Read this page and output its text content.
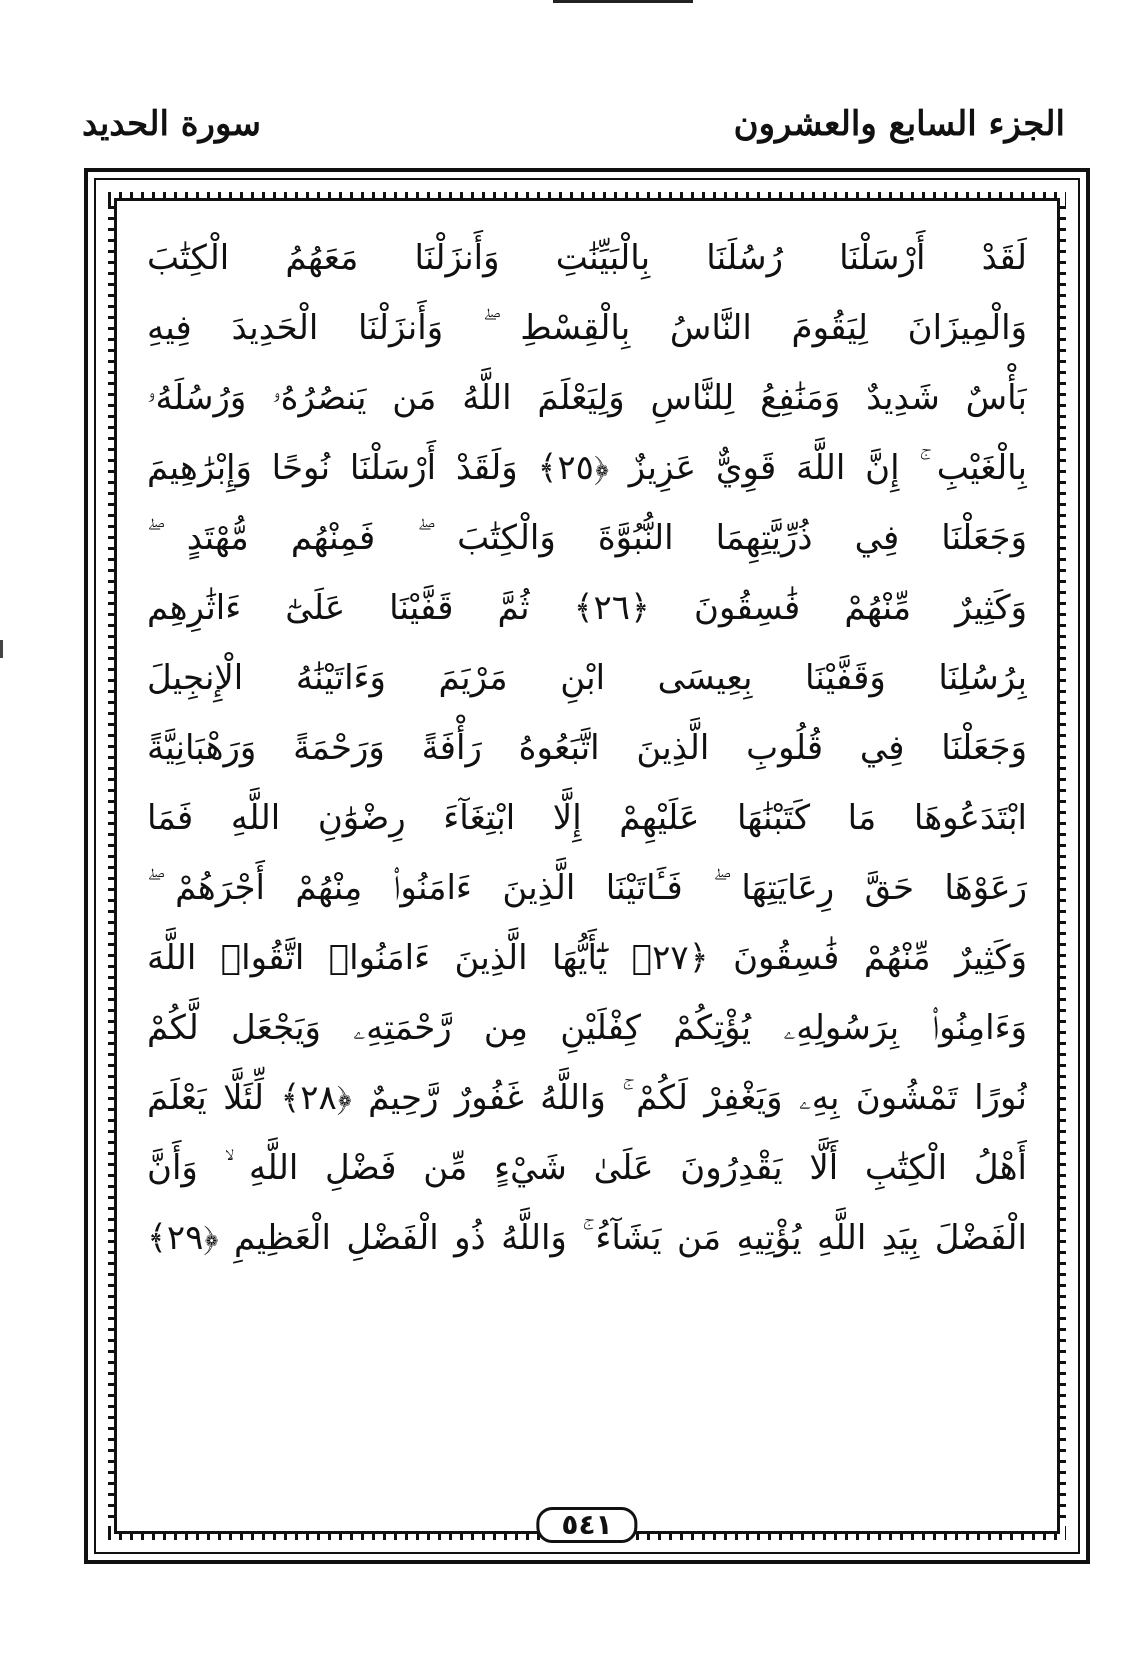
الجزء السابع والعشرون
سورة الحديد
لَقَدْ أَرْسَلْنَا رُسُلَنَا بِالْبَيِّنَٰتِ وَأَنزَلْنَا مَعَهُمُ الْكِتَٰبَ
وَالْمِيزَانَ لِيَقُومَ النَّاسُ بِالْقِسْطِ ۖ وَأَنزَلْنَا الْحَدِيدَ فِيهِ
بَأْسٌ شَدِيدٌ وَمَنَٰفِعُ لِلنَّاسِ وَلِيَعْلَمَ اللَّهُ مَن يَنصُرُهُۥ وَرُسُلَهُۥ
بِالْغَيْبِ ۚ إِنَّ اللَّهَ قَوِيٌّ عَزِيزٌ ﴿٢٥﴾ وَلَقَدْ أَرْسَلْنَا نُوحًا وَإِبْرَٰهِيمَ
وَجَعَلْنَا فِي ذُرِّيَّتِهِمَا النُّبُوَّةَ وَالْكِتَٰبَ ۖ فَمِنْهُم مُّهْتَدٍ ۖ
وَكَثِيرٌ مِّنْهُمْ فَٰسِقُونَ ﴿٢٦﴾ ثُمَّ قَفَّيْنَا عَلَىٰٓ ءَاثَٰرِهِم
بِرُسُلِنَا وَقَفَّيْنَا بِعِيسَى ابْنِ مَرْيَمَ وَءَاتَيْنَٰهُ الْإِنجِيلَ
وَجَعَلْنَا فِي قُلُوبِ الَّذِينَ اتَّبَعُوهُ رَأْفَةً وَرَحْمَةً وَرَهْبَانِيَّةً
ابْتَدَعُوهَا مَا كَتَبْنَٰهَا عَلَيْهِمْ إِلَّا ابْتِغَآءَ رِضْوَٰنِ اللَّهِ فَمَا
رَعَوْهَا حَقَّ رِعَايَتِهَا ۖ فَـَٔاتَيْنَا الَّذِينَ ءَامَنُوا۟ مِنْهُمْ أَجْرَهُمْ ۖ
وَكَثِيرٌ مِّنْهُمْ فَٰسِقُونَ ﴿٢٧﴾ يَٰٓأَيُّهَا الَّذِينَ ءَامَنُوا۟ اتَّقُوا۟ اللَّهَ
وَءَامِنُوا۟ بِرَسُولِهِۦ يُؤْتِكُمْ كِفْلَيْنِ مِن رَّحْمَتِهِۦ وَيَجْعَل لَّكُمْ
نُورًا تَمْشُونَ بِهِۦ وَيَغْفِرْ لَكُمْ ۚ وَاللَّهُ غَفُورٌ رَّحِيمٌ ﴿٢٨﴾ لِّئَلَّا يَعْلَمَ
أَهْلُ الْكِتَٰبِ أَلَّا يَقْدِرُونَ عَلَىٰ شَيْءٍ مِّن فَضْلِ اللَّهِ ۙ وَأَنَّ
الْفَضْلَ بِيَدِ اللَّهِ يُؤْتِيهِ مَن يَشَآءُ ۚ وَاللَّهُ ذُو الْفَضْلِ الْعَظِيمِ ﴿٢٩﴾
٥٤١
